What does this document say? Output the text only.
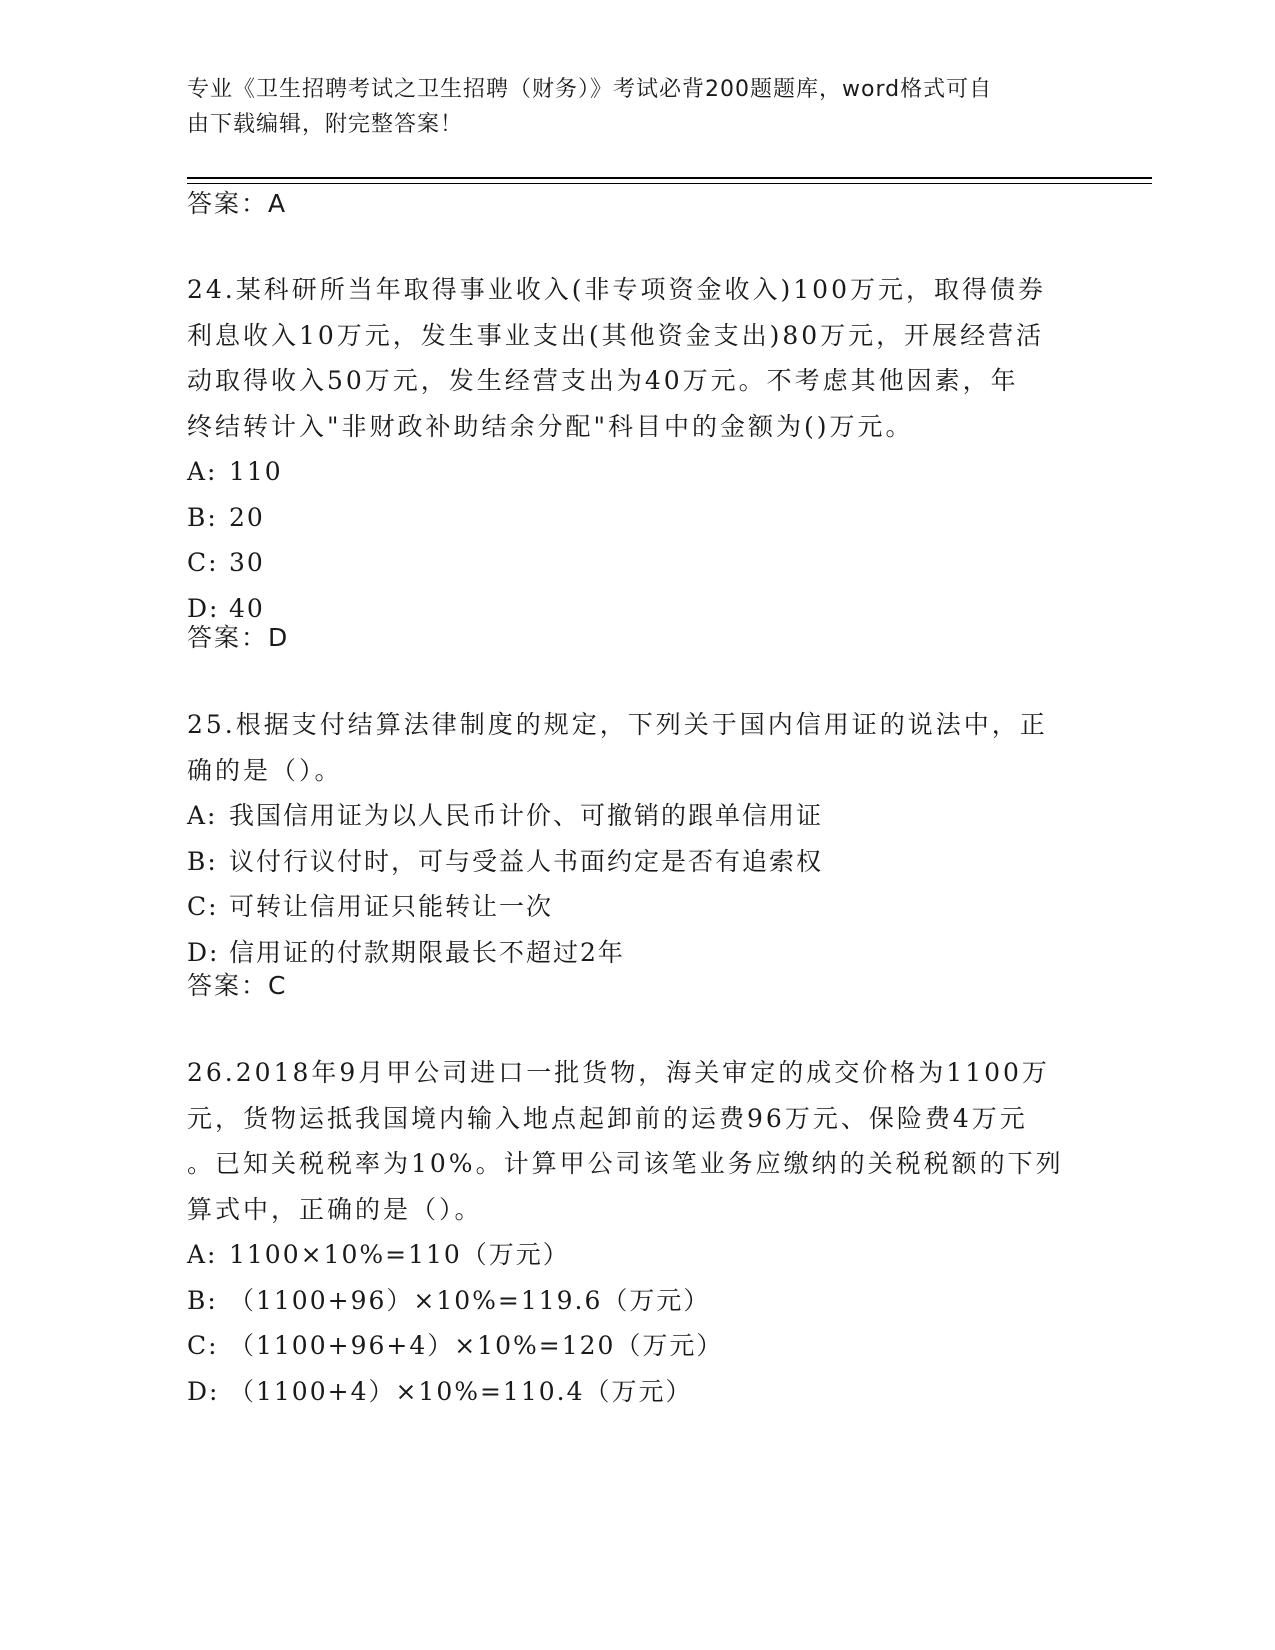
专业《卫生招聘考试之卫生招聘（财务）》考试必背200题题库，word格式可自
由下载编辑，附完整答案！
答案：A
24.某科研所当年取得事业收入(非专项资金收入)100万元，取得债券
利息收入10万元，发生事业支出(其他资金支出)80万元，开展经营活
动取得收入50万元，发生经营支出为40万元。不考虑其他因素，年
终结转计入"非财政补助结余分配"科目中的金额为()万元。
A: 110
B: 20
C: 30
D: 40
答案：D
25.根据支付结算法律制度的规定，下列关于国内信用证的说法中，正
确的是（）。
A: 我国信用证为以人民币计价、可撤销的跟单信用证
B: 议付行议付时，可与受益人书面约定是否有追索权
C: 可转让信用证只能转让一次
D: 信用证的付款期限最长不超过2年
答案：C
26.2018年9月甲公司进口一批货物，海关审定的成交价格为1100万
元，货物运抵我国境内输入地点起卸前的运费96万元、保险费4万元
。已知关税税率为10%。计算甲公司该笔业务应缴纳的关税税额的下列
算式中，正确的是（）。
A: 1100×10%=110（万元）
B: （1100+96）×10%=119.6（万元）
C: （1100+96+4）×10%=120（万元）
D: （1100+4）×10%=110.4（万元）
